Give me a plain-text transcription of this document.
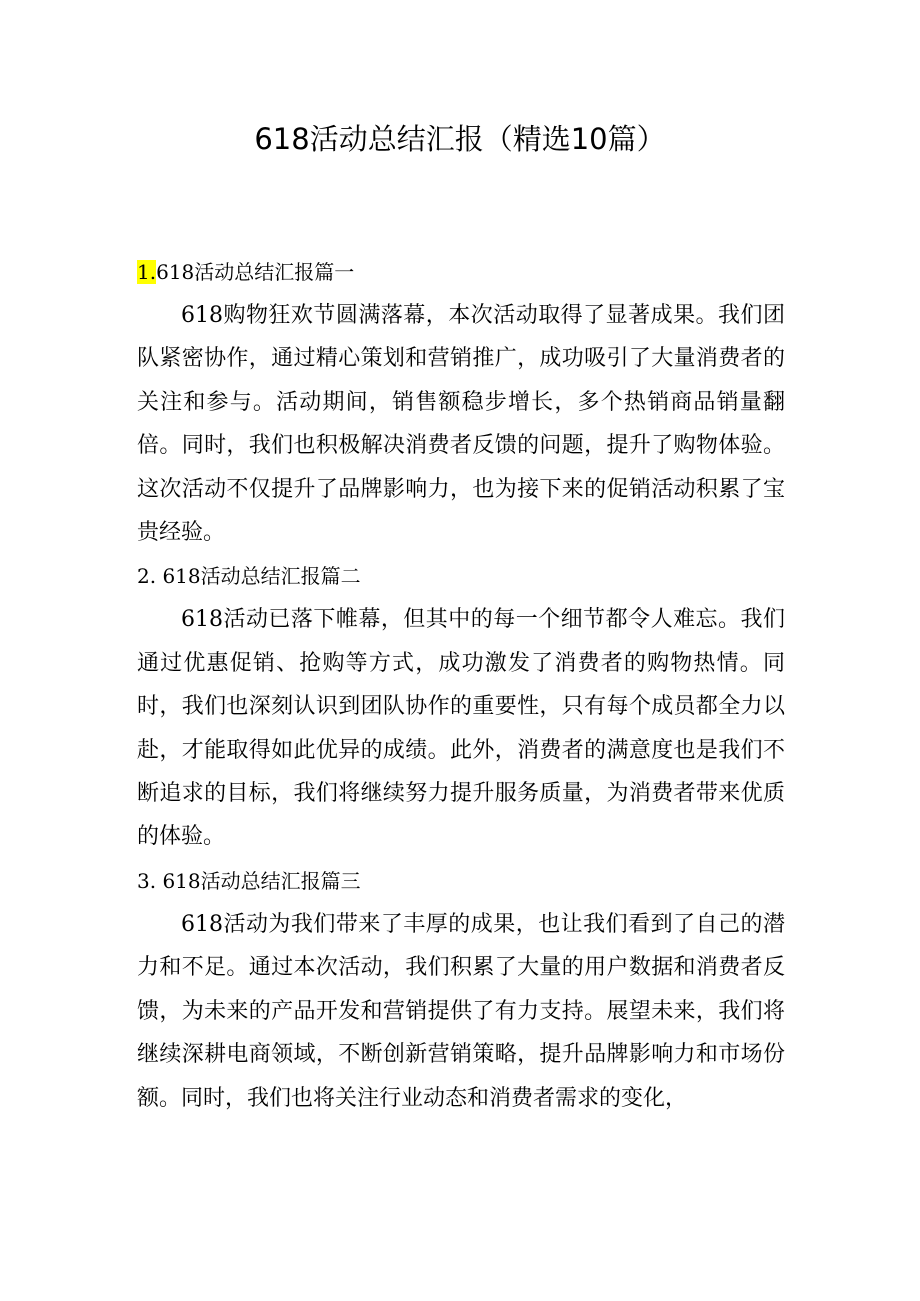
618活动总结汇报（精选10篇）
1.618活动总结汇报篇一

618购物狂欢节圆满落幕，本次活动取得了显著成果。我们团队紧密协作，通过精心策划和营销推广，成功吸引了大量消费者的关注和参与。活动期间，销售额稳步增长，多个热销商品销量翻倍。同时，我们也积极解决消费者反馈的问题，提升了购物体验。这次活动不仅提升了品牌影响力，也为接下来的促销活动积累了宝贵经验。

2. 618活动总结汇报篇二

618活动已落下帷幕，但其中的每一个细节都令人难忘。我们通过优惠促销、抢购等方式，成功激发了消费者的购物热情。同时，我们也深刻认识到团队协作的重要性，只有每个成员都全力以赴，才能取得如此优异的成绩。此外，消费者的满意度也是我们不断追求的目标，我们将继续努力提升服务质量，为消费者带来优质的体验。

3. 618活动总结汇报篇三

618活动为我们带来了丰厚的成果，也让我们看到了自己的潜力和不足。通过本次活动，我们积累了大量的用户数据和消费者反馈，为未来的产品开发和营销提供了有力支持。展望未来，我们将继续深耕电商领域，不断创新营销策略，提升品牌影响力和市场份额。同时，我们也将关注行业动态和消费者需求的变化，
